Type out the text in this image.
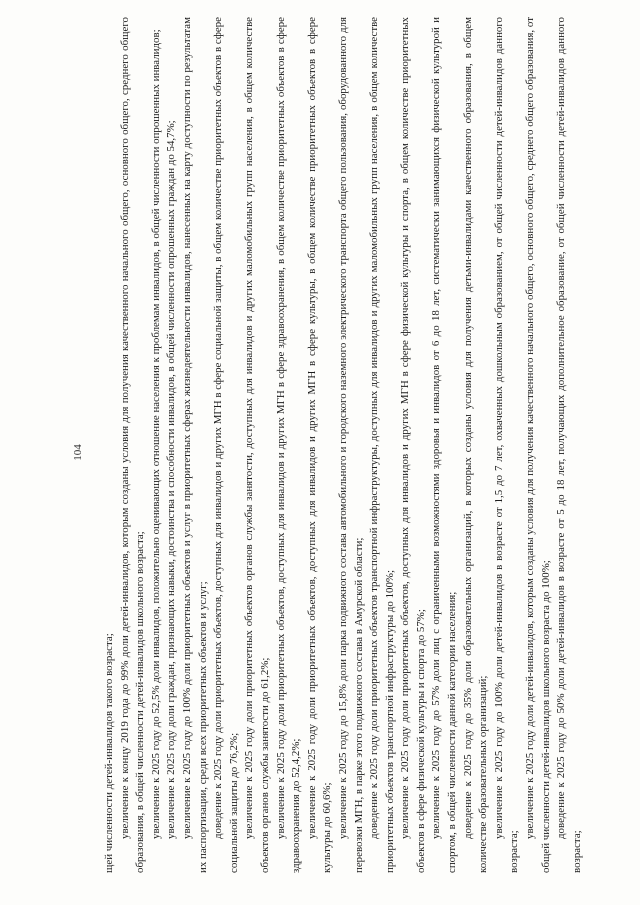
104

щей численности детей-инвалидов такого возраста; увеличение к концу 2019 года до 99% доли детей-инвалидов, которым созданы условия для получения качественного начального общего, основного общего, среднего общего образования, в общей численности детей-инвалидов школьного возраста; увеличение к 2025 году до 52,5% доли инвалидов, положительно оценивающих отношение населения к проблемам инвалидов, в общей численности опрошенных инвалидов; увеличение к 2025 году доли граждан, признающих навыки, достоинства и способности инвалидов, в общей численности опрошенных граждан до 54,7%; увеличение к 2025 году до 100% доли приоритетных объектов и услуг в приоритетных сферах жизнедеятельности инвалидов, нанесенных на карту доступности по результатам их паспортизации, среди всех приоритетных объектов и услуг; доведение к 2025 году доли приоритетных объектов, доступных для инвалидов и других МГН в сфере социальной защиты, в общем количестве приоритетных объектов в сфере социальной защиты до 76,2%; увеличение к 2025 году доли приоритетных объектов органов службы занятости, доступных для инвалидов и других маломобильных групп населения, в общем количестве объектов органов службы занятости до 61,2%; увеличение к 2025 году доли приоритетных объектов, доступных для инвалидов и других МГН в сфере здравоохранения, в общем количестве приоритетных объектов в сфере здравоохранения до 52,4,2%; увеличение к 2025 году доли приоритетных объектов, доступных для инвалидов и других МГН в сфере культуры, в общем количестве приоритетных объектов в сфере культуры до 60,6%; увеличение к 2025 году до 15,8% доли парка подвижного состава автомобильного и городского наземного электрического транспорта общего пользования, оборудованного для перевозки МГН, в парке этого подвижного состава в Амурской области; доведение к 2025 году доли приоритетных объектов транспортной инфраструктуры, доступных для инвалидов и других маломобильных групп населения, в общем количестве приоритетных объектов транспортной инфраструктуры до 100%; увеличение к 2025 году доли приоритетных объектов, доступных для инвалидов и других МГН в сфере физической культуры и спорта, в общем количестве приоритетных объектов в сфере физической культуры и спорта до 57%; увеличение к 2025 году до 57% доли лиц с ограниченными возможностями здоровья и инвалидов от 6 до 18 лет, систематически занимающихся физической культурой и спортом, в общей численности данной категории населения; доведение к 2025 году до 35% доли образовательных организаций, в которых созданы условия для получения детьми-инвалидами качественного образования, в общем количестве образовательных организаций; увеличение к 2025 году до 100% доли детей-инвалидов в возрасте от 1,5 до 7 лет, охваченных дошкольным образованием, от общей численности детей-инвалидов данного возраста;

увеличение к 2025 году доли детей-инвалидов, которым созданы условия для получения качественного начального общего, основного общего, среднего общего образования, от общей численности детей-инвалидов школьного возраста до 100%; доведение к 2025 году до 50% доли детей-инвалидов в возрасте от 5 до 18 лет, получающих дополнительное образование, от общей численности детей-инвалидов данного возраста;
